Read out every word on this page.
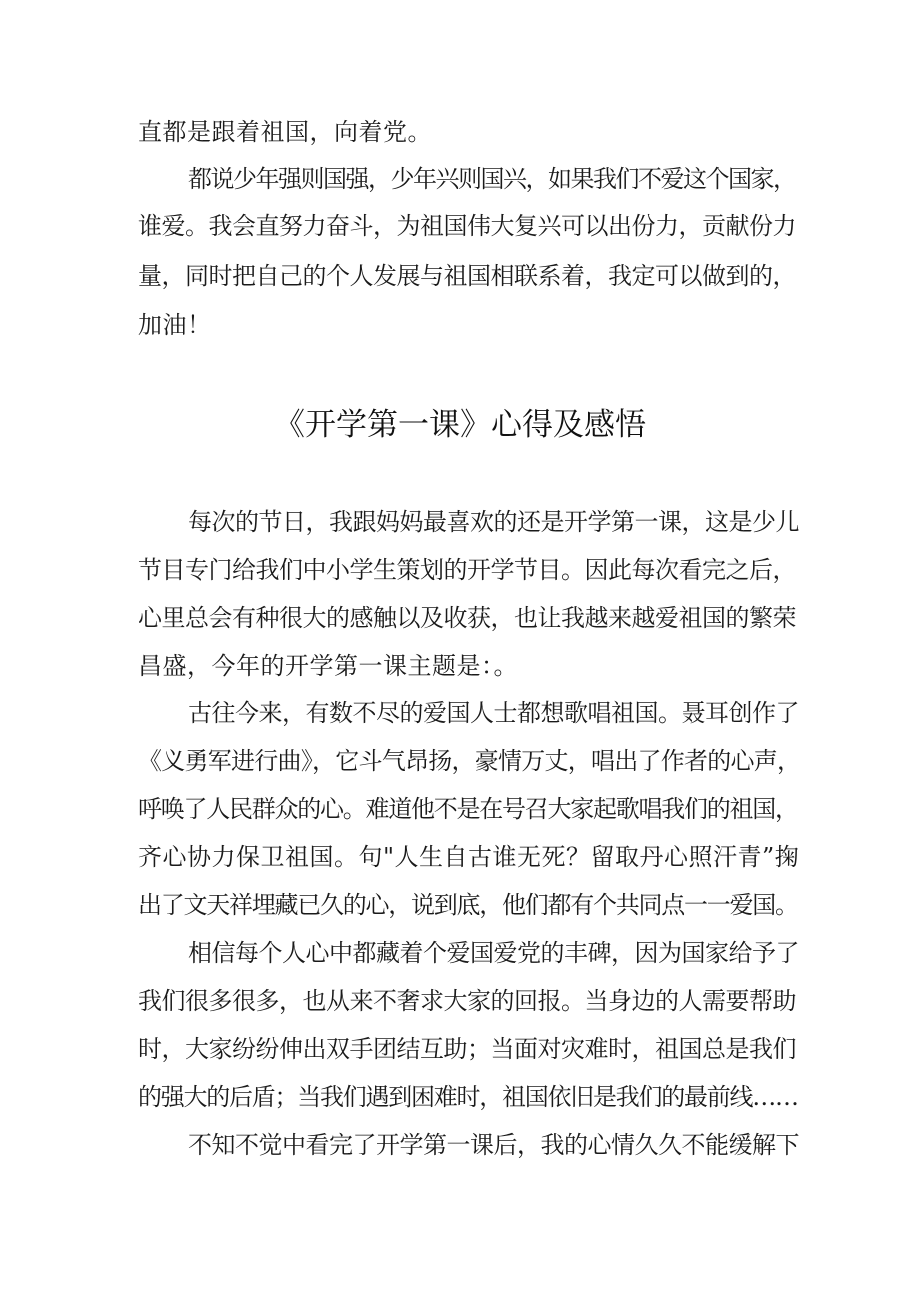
直都是跟着祖国，向着党。
都说少年强则国强，少年兴则国兴，如果我们不爱这个国家，
谁爱。我会直努力奋斗，为祖国伟大复兴可以出份力，贡献份力
量，同时把自己的个人发展与祖国相联系着，我定可以做到的，
加油！
《开学第一课》心得及感悟
每次的节日，我跟妈妈最喜欢的还是开学第一课，这是少儿
节目专门给我们中小学生策划的开学节目。因此每次看完之后，
心里总会有种很大的感触以及收获，也让我越来越爱祖国的繁荣
昌盛，今年的开学第一课主题是：。
古往今来，有数不尽的爱国人士都想歌唱祖国。聂耳创作了
《义勇军进行曲》，它斗气昂扬，豪情万丈，唱出了作者的心声，
呼唤了人民群众的心。难道他不是在号召大家起歌唱我们的祖国，
齐心协力保卫祖国。句"人生自古谁无死？留取丹心照汗青”掬
出了文天祥埋藏已久的心，说到底，他们都有个共同点一一爱国。
相信每个人心中都藏着个爱国爱党的丰碑，因为国家给予了
我们很多很多，也从来不奢求大家的回报。当身边的人需要帮助
时，大家纷纷伸出双手团结互助；当面对灾难时，祖国总是我们
的强大的后盾；当我们遇到困难时，祖国依旧是我们的最前线……
不知不觉中看完了开学第一课后，我的心情久久不能缓解下
